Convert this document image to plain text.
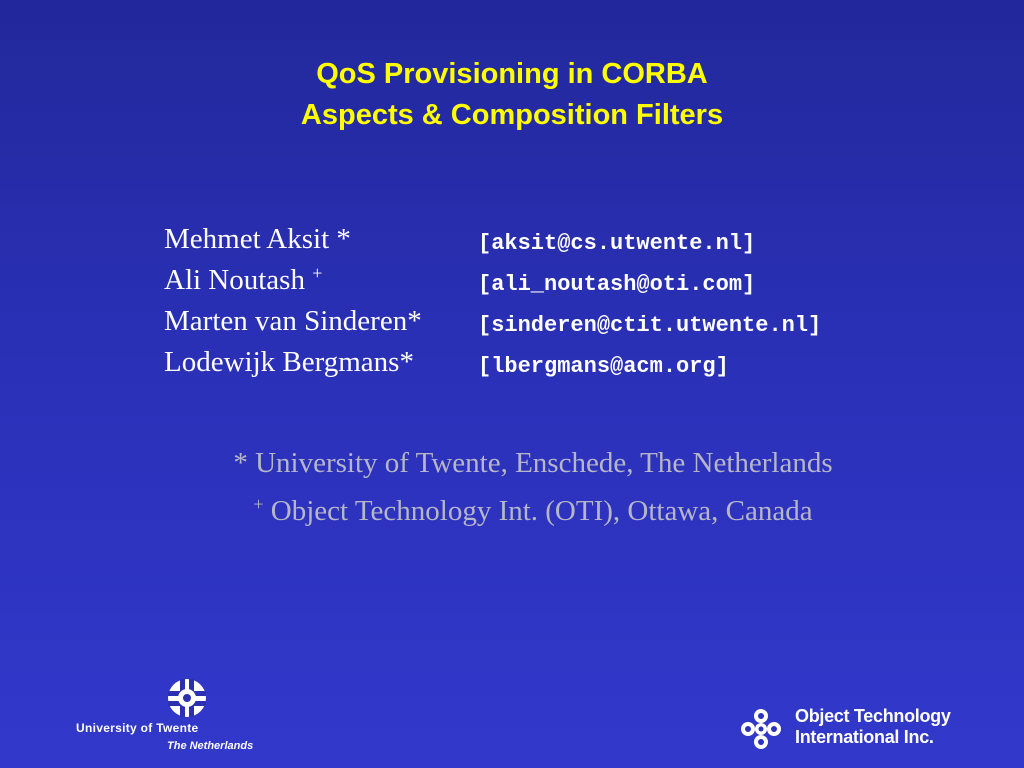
QoS Provisioning in CORBA
Aspects & Composition Filters
Mehmet Aksit *	[aksit@cs.utwente.nl]
Ali Noutash +	[ali_noutash@oti.com]
Marten van Sinderen*	[sinderen@ctit.utwente.nl]
Lodewijk Bergmans*	[lbergmans@acm.org]
* University of Twente, Enschede, The Netherlands
+ Object Technology Int. (OTI), Ottawa, Canada
University of Twente
The Netherlands
Object Technology
International Inc.
